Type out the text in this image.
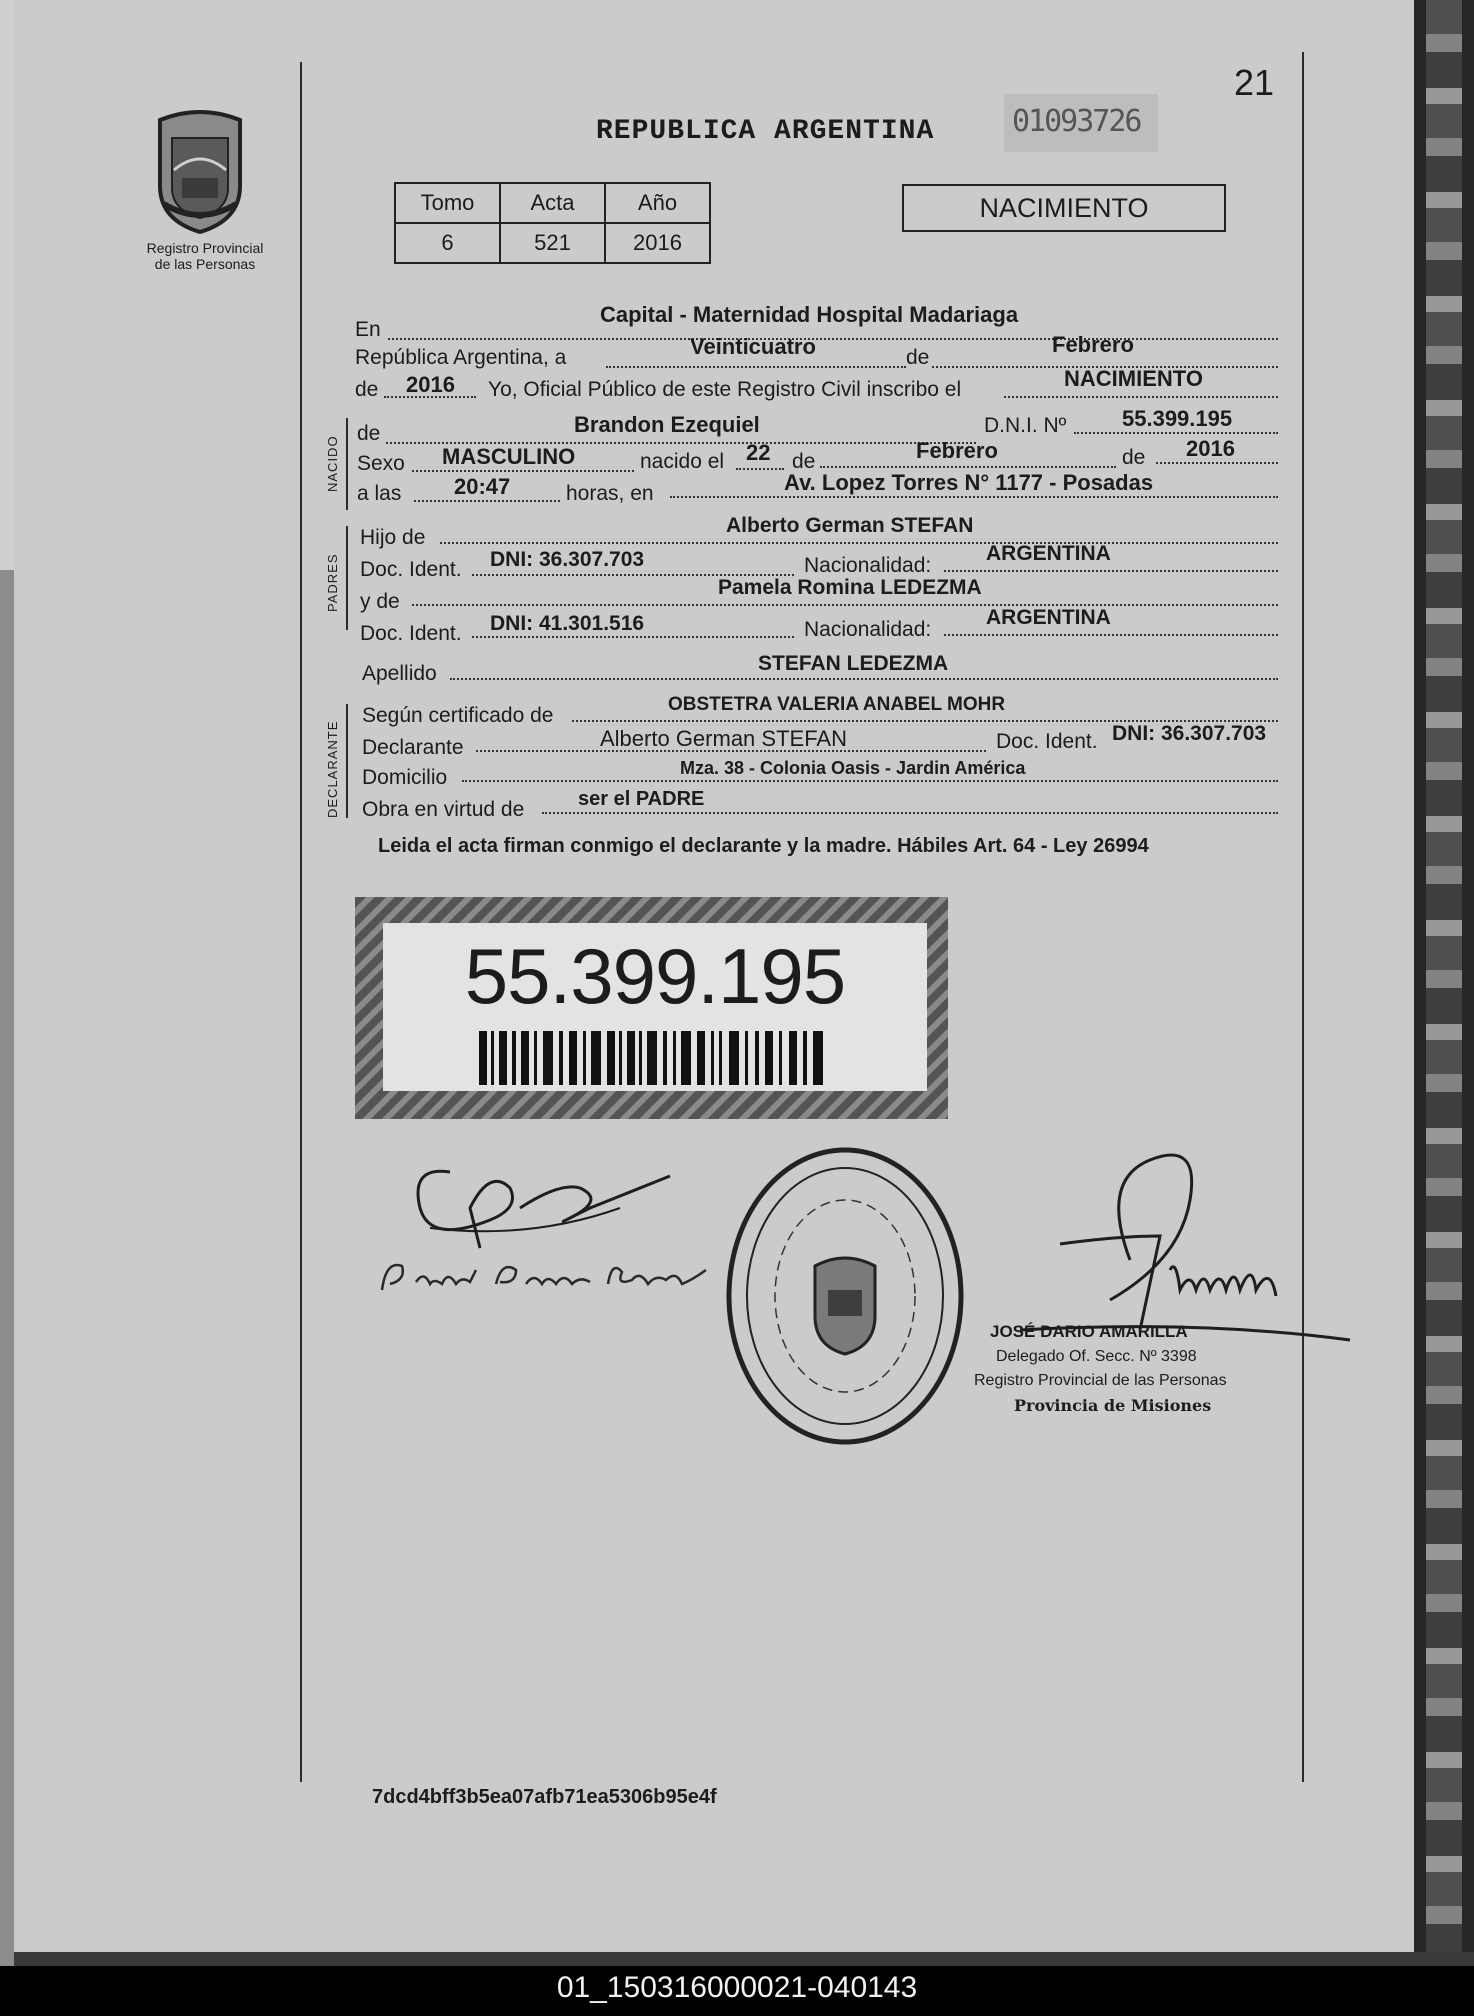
Registro Provincial
de las Personas
21
REPUBLICA ARGENTINA	01093726
Tomo	Acta	Año
6	521	2016
NACIMIENTO
En
Capital - Maternidad Hospital Madariaga
República Argentina, a	Veinticuatro	de
Febrero
de 2016 Yo, Oficial Público de este Registro Civil inscribo el	NACIMIENTO
NACIDO
de	Brandon Ezequiel	D.N.I. Nº	55.399.195
Sexo MASCULINO	nacido el 22 de	Febrero	de 2016
a las 20:47	horas, en	Av. Lopez Torres N° 1177 - Posadas
PADRES
Hijo de
Alberto German STEFAN
Doc. Ident. DNI: 36.307.703	Nacionalidad:
ARGENTINA
y de
Pamela Romina LEDEZMA
Doc. Ident. DNI: 41.301.516	Nacionalidad:
ARGENTINA
Apellido	STEFAN LEDEZMA
DECLARANTE
Según certificado de	OBSTETRA VALERIA ANABEL MOHR
Declarante	Alberto German STEFAN	Doc. Ident. DNI: 36.307.703
Domicilio	Mza. 38 - Colonia Oasis - Jardin América
Obra en virtud de	ser el PADRE
Leida el acta firman conmigo el declarante y la madre. Hábiles Art. 64 - Ley 26994
55.399.195
JOSÉ DARIO AMARILLA
Delegado Of. Secc. Nº 3398
Registro Provincial de las Personas
Provincia de Misiones
7dcd4bff3b5ea07afb71ea5306b95e4f
01_150316000021-040143
